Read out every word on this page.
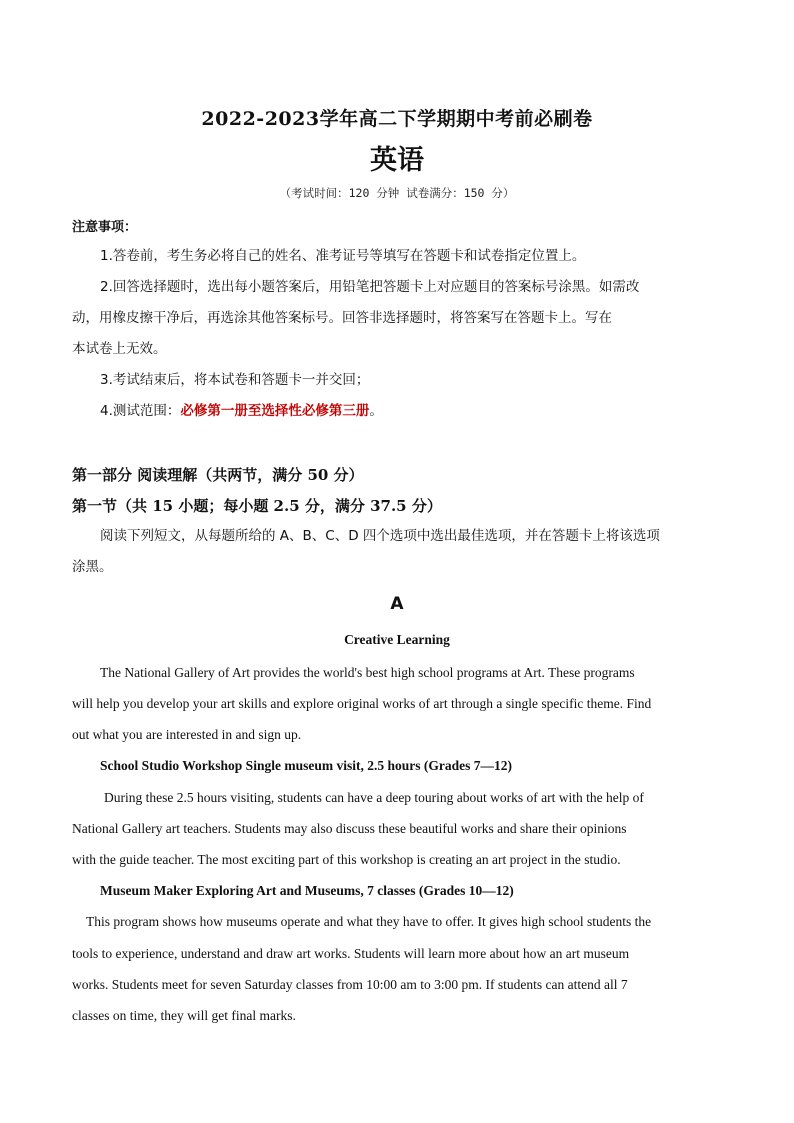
2022-2023学年高二下学期期中考前必刷卷
英语
（考试时间：120 分钟 试卷满分：150 分）
注意事项：
1.答卷前，考生务必将自己的姓名、准考证号等填写在答题卡和试卷指定位置上。
2.回答选择题时，选出每小题答案后，用铅笔把答题卡上对应题目的答案标号涂黑。如需改
动，用橡皮擦干净后，再选涂其他答案标号。回答非选择题时，将答案写在答题卡上。写在
本试卷上无效。
3.考试结束后，将本试卷和答题卡一并交回；
4.测试范围：必修第一册至选择性必修第三册。
第一部分 阅读理解（共两节，满分 50 分）
第一节（共 15 小题；每小题 2.5 分，满分 37.5 分）
阅读下列短文，从每题所给的 A、B、C、D 四个选项中选出最佳选项，并在答题卡上将该选项
涂黑。
A
Creative Learning
The National Gallery of Art provides the world's best high school programs at Art. These programs
will help you develop your art skills and explore original works of art through a single specific theme. Find
out what you are interested in and sign up.
School Studio Workshop Single museum visit, 2.5 hours (Grades 7—12)
During these 2.5 hours visiting, students can have a deep touring about works of art with the help of
National Gallery art teachers. Students may also discuss these beautiful works and share their opinions
with the guide teacher. The most exciting part of this workshop is creating an art project in the studio.
Museum Maker Exploring Art and Museums, 7 classes (Grades 10—12)
This program shows how museums operate and what they have to offer. It gives high school students the
tools to experience, understand and draw art works. Students will learn more about how an art museum
works. Students meet for seven Saturday classes from 10:00 am to 3:00 pm. If students can attend all 7
classes on time, they will get final marks.
